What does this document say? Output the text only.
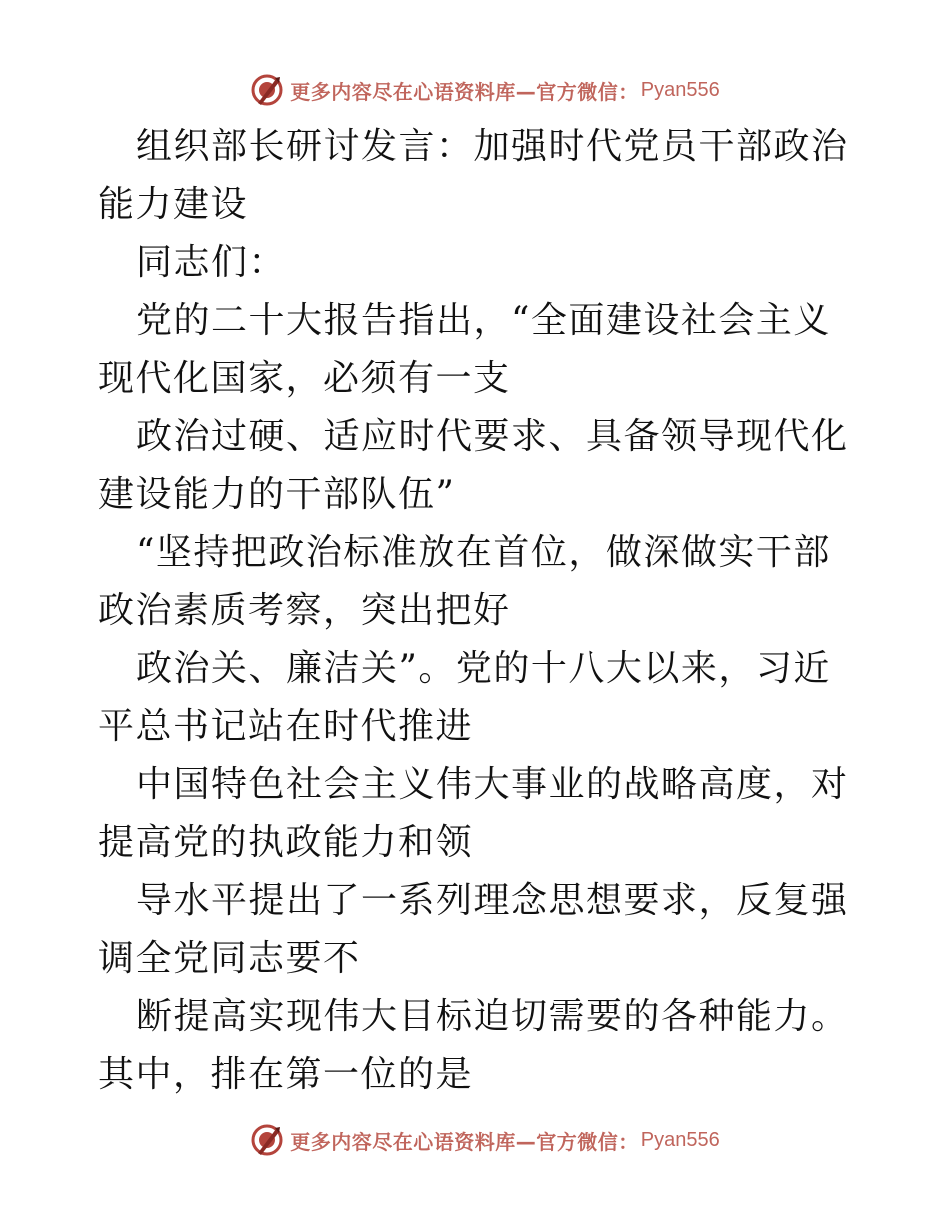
更多内容尽在心语资料库—官方微信： Pyan556

组织部长研讨发言：加强时代党员干部政治能力建设

同志们：

党的二十大报告指出，“全面建设社会主义现代化国家，必须有一支

政治过硬、适应时代要求、具备领导现代化建设能力的干部队伍”

“坚持把政治标准放在首位，做深做实干部政治素质考察，突出把好

政治关、廉洁关”。党的十八大以来，习近平总书记站在时代推进

中国特色社会主义伟大事业的战略高度，对提高党的执政能力和领

导水平提出了一系列理念思想要求，反复强调全党同志要不

断提高实现伟大目标迫切需要的各种能力。其中，排在第一位的是

更多内容尽在心语资料库—官方微信： Pyan556
